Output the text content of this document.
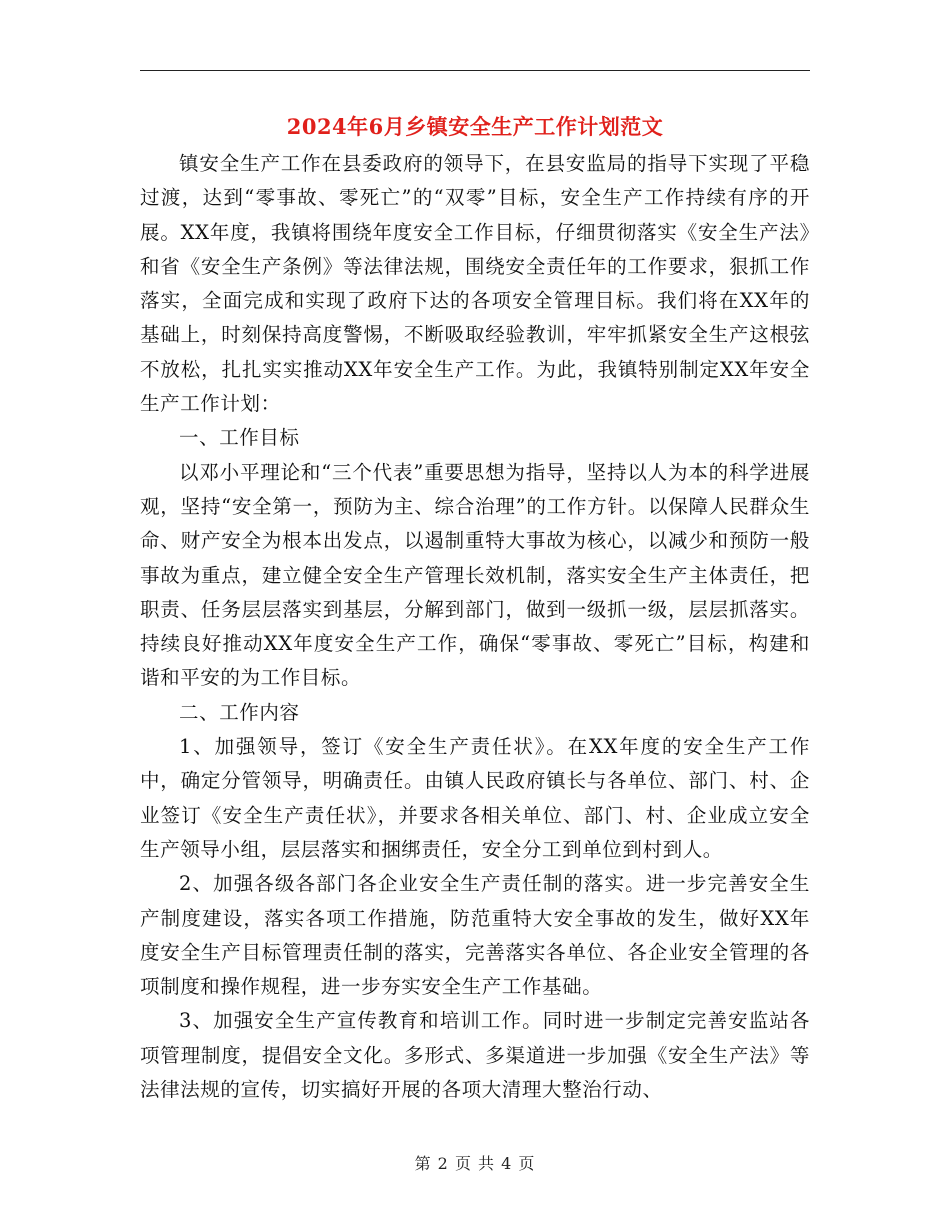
2024年6月乡镇安全生产工作计划范文

镇安全生产工作在县委政府的领导下，在县安监局的指导下实现了平稳过渡，达到“零事故、零死亡”的“双零”目标，安全生产工作持续有序的开展。XX年度，我镇将围绕年度安全工作目标，仔细贯彻落实《安全生产法》和省《安全生产条例》等法律法规，围绕安全责任年的工作要求，狠抓工作落实，全面完成和实现了政府下达的各项安全管理目标。我们将在XX年的基础上，时刻保持高度警惕，不断吸取经验教训，牢牢抓紧安全生产这根弦不放松，扎扎实实推动XX年安全生产工作。为此，我镇特别制定XX年安全生产工作计划：

一、工作目标

以邓小平理论和“三个代表”重要思想为指导，坚持以人为本的科学进展观，坚持“安全第一，预防为主、综合治理”的工作方针。以保障人民群众生命、财产安全为根本出发点，以遏制重特大事故为核心，以减少和预防一般事故为重点，建立健全安全生产管理长效机制，落实安全生产主体责任，把职责、任务层层落实到基层，分解到部门，做到一级抓一级，层层抓落实。持续良好推动XX年度安全生产工作，确保“零事故、零死亡”目标，构建和谐和平安的为工作目标。

二、工作内容

1、加强领导，签订《安全生产责任状》。在XX年度的安全生产工作中，确定分管领导，明确责任。由镇人民政府镇长与各单位、部门、村、企业签订《安全生产责任状》，并要求各相关单位、部门、村、企业成立安全生产领导小组，层层落实和捆绑责任，安全分工到单位到村到人。

2、加强各级各部门各企业安全生产责任制的落实。进一步完善安全生产制度建设，落实各项工作措施，防范重特大安全事故的发生，做好XX年度安全生产目标管理责任制的落实，完善落实各单位、各企业安全管理的各项制度和操作规程，进一步夯实安全生产工作基础。

3、加强安全生产宣传教育和培训工作。同时进一步制定完善安监站各项管理制度，提倡安全文化。多形式、多渠道进一步加强《安全生产法》等法律法规的宣传，切实搞好开展的各项大清理大整治行动、

第 2 页 共 4 页
